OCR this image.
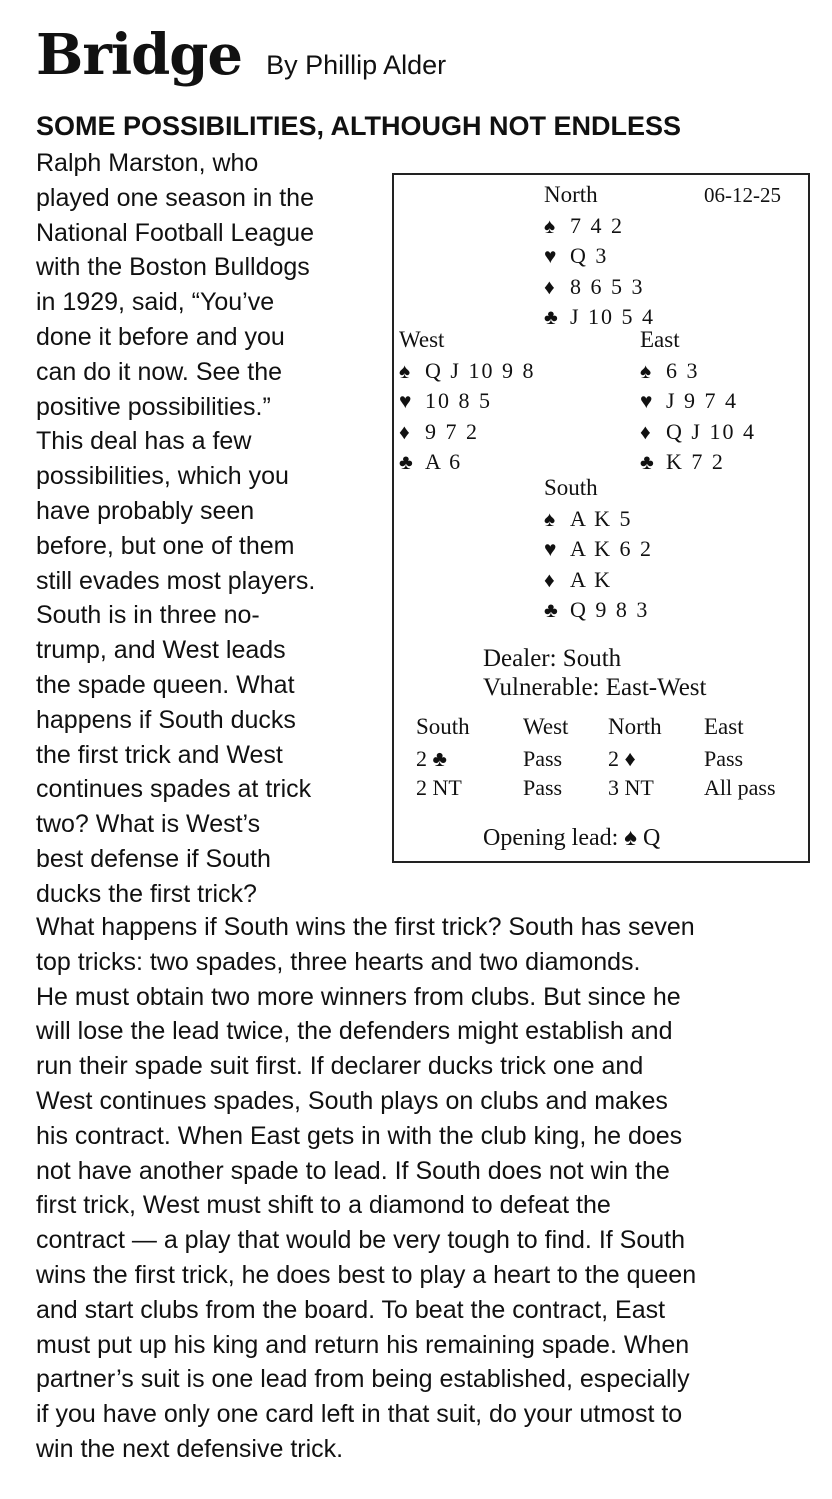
Bridge By Phillip Alder
SOME POSSIBILITIES, ALTHOUGH NOT ENDLESS
Ralph Marston, who
played one season in the
National Football League
with the Boston Bulldogs
in 1929, said, “You’ve
done it before and you
can do it now. See the
positive possibilities.”
This deal has a few
possibilities, which you
have probably seen
before, but one of them
still evades most players.
South is in three no-
trump, and West leads
the spade queen. What
happens if South ducks
the first trick and West
continues spades at trick
two? What is West’s
best defense if South
ducks the first trick?
06-12-25
North
♠ 7 4 2
♥ Q 3
♦ 8 6 5 3
♣ J 10 5 4
West
♠ Q J 10 9 8
♥ 10 8 5
♦ 9 7 2
♣ A 6
East
♠ 6 3
♥ J 9 7 4
♦ Q J 10 4
♣ K 7 2
South
♠ A K 5
♥ A K 6 2
♦ A K
♣ Q 9 8 3
Dealer: South
Vulnerable: East-West
South West North East
2 ♣	Pass 2 ♦	Pass
2 NT	Pass 3 NT All pass
Opening lead: ♠ Q
What happens if South wins the first trick? South has seven
top tricks: two spades, three hearts and two diamonds.
He must obtain two more winners from clubs. But since he
will lose the lead twice, the defenders might establish and
run their spade suit first. If declarer ducks trick one and
West continues spades, South plays on clubs and makes
his contract. When East gets in with the club king, he does
not have another spade to lead. If South does not win the
first trick, West must shift to a diamond to defeat the
contract — a play that would be very tough to find. If South
wins the first trick, he does best to play a heart to the queen
and start clubs from the board. To beat the contract, East
must put up his king and return his remaining spade. When
partner’s suit is one lead from being established, especially
if you have only one card left in that suit, do your utmost to
win the next defensive trick.
